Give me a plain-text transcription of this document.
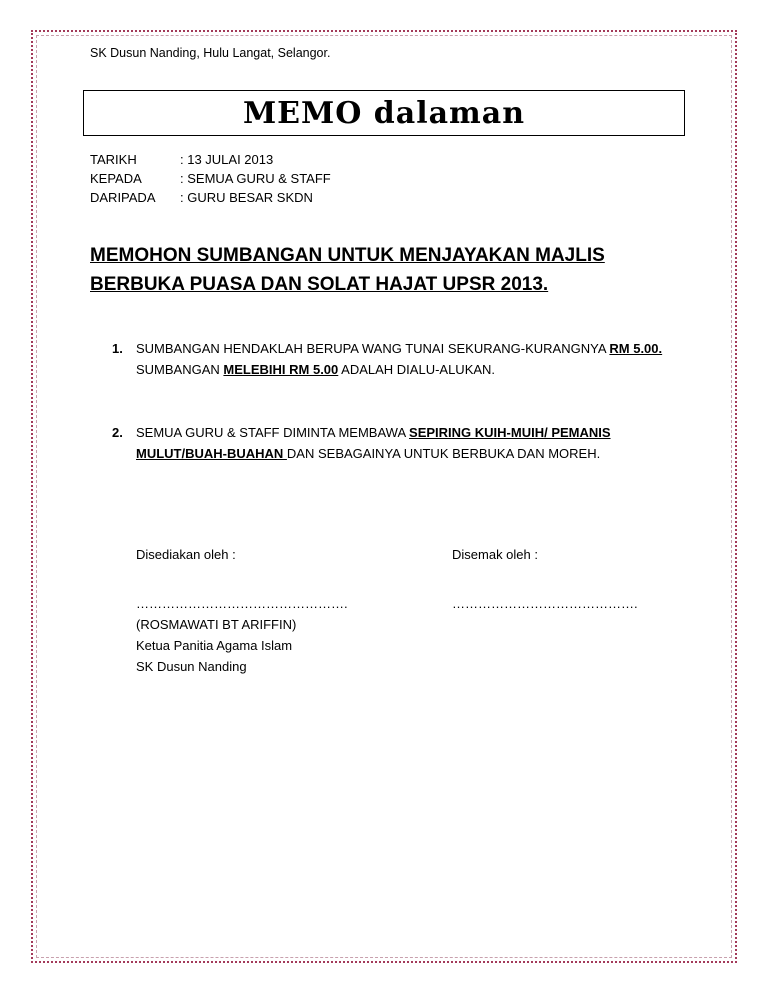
SK Dusun Nanding, Hulu Langat, Selangor.
MEMO dalaman
TARIKH	: 13 JULAI 2013
KEPADA	: SEMUA GURU & STAFF
DARIPADA	: GURU BESAR SKDN
MEMOHON SUMBANGAN UNTUK MENJAYAKAN MAJLIS
BERBUKA PUASA DAN SOLAT HAJAT UPSR 2013.
1.	SUMBANGAN HENDAKLAH BERUPA WANG TUNAI SEKURANG-KURANGNYA RM 5.00.
SUMBANGAN MELEBIHI RM 5.00 ADALAH DIALU-ALUKAN.
2.	SEMUA GURU & STAFF DIMINTA MEMBAWA SEPIRING KUIH-MUIH/ PEMANIS MULUT/BUAH-BUAHAN DAN SEBAGAINYA UNTUK BERBUKA DAN MOREH.
Disediakan oleh :
………………………………………….
(ROSMAWATI BT ARIFFIN)
Ketua Panitia Agama Islam
SK Dusun Nanding
Disemak oleh :
…………………………………….
